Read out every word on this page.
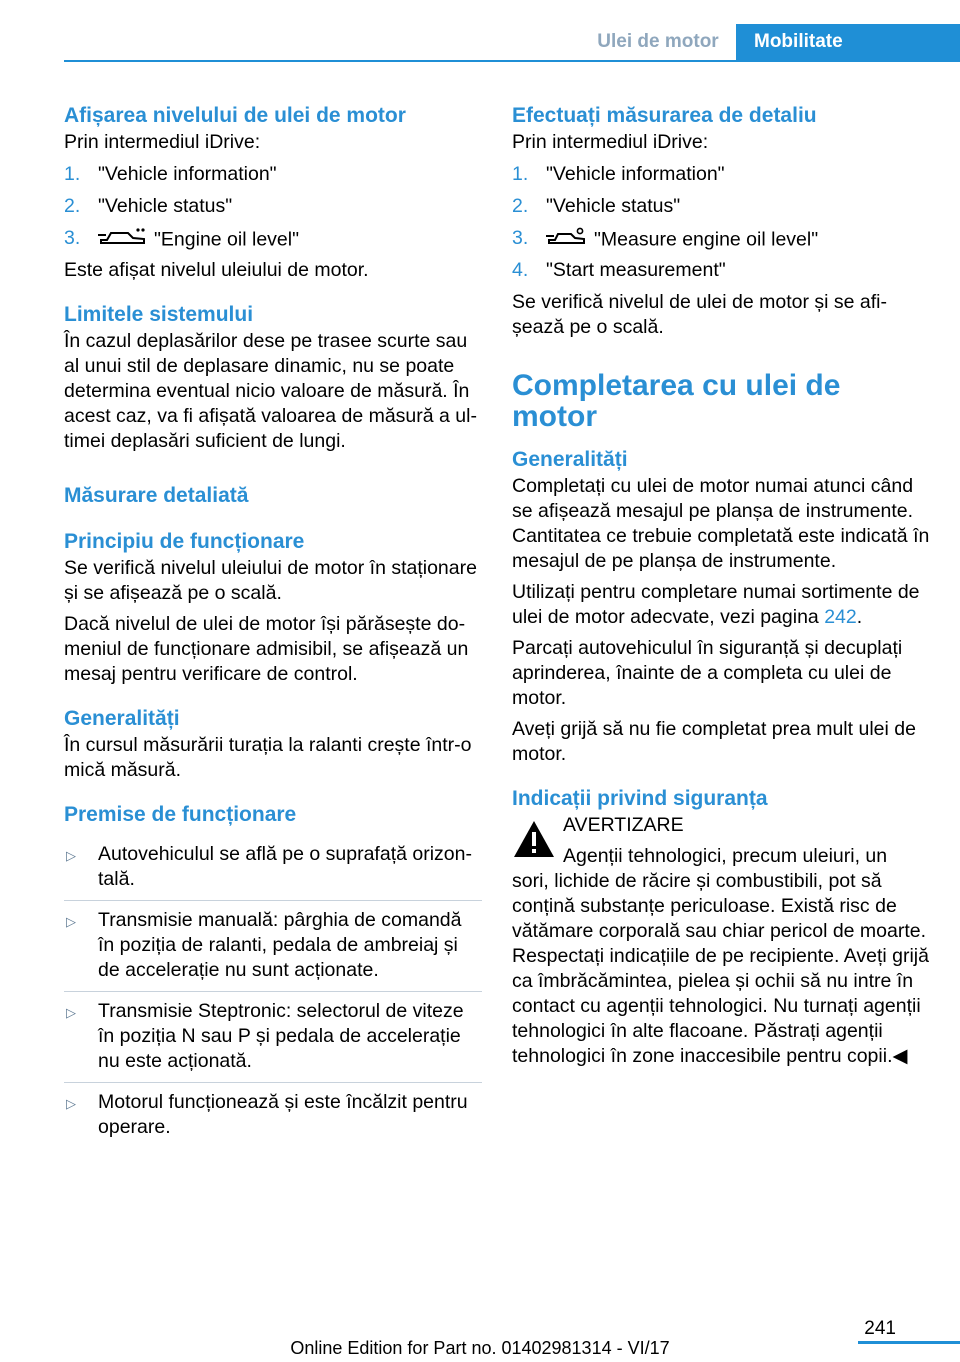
Ulei de motor	Mobilitate
Afișarea nivelului de ulei de motor

Prin intermediul iDrive:

1. "Vehicle information"
2. "Vehicle status"
3.	"Engine oil level"

Este afișat nivelul uleiului de motor.

Limitele sistemului

În cazul deplasărilor dese pe trasee scurte sau al unui stil de deplasare dinamic, nu se poate determina eventual nicio valoare de măsură. În acest caz, va fi afișată valoarea de măsură a ultimei deplasări suficient de lungi.

Măsurare detaliată
Principiu de funcționare

Se verifică nivelul uleiului de motor în staționare și se afișează pe o scală.

Dacă nivelul de ulei de motor își părăsește domeniul de funcționare admisibil, se afișează un mesaj pentru verificare de control.

Generalități

În cursul măsurării turația la ralanti crește într-o mică măsură.

Premise de funcționare
▷ Autovehiculul se află pe o suprafață orizontală.
▷ Transmisie manuală: pârghia de comandă în poziția de ralanti, pedala de ambreiaj și de accelerație nu sunt acționate.
▷ Transmisie Steptronic: selectorul de viteze în poziția N sau P și pedala de accelerație nu este acționată.
▷ Motorul funcționează și este încălzit pentru operare.
Efectuați măsurarea de detaliu

Prin intermediul iDrive:

1. "Vehicle information"
2. "Vehicle status"
3.	"Measure engine oil level"
4. "Start measurement"

Se verifică nivelul de ulei de motor și se afișează pe o scală.

Completarea cu ulei de motor
Generalități

Completați cu ulei de motor numai atunci când se afișează mesajul pe planșa de instrumente. Cantitatea ce trebuie completată este indicată în mesajul de pe planșa de instrumente.

Utilizați pentru completare numai sortimente de ulei de motor adecvate, vezi pagina 242.

Parcați autovehiculul în siguranță și decuplați aprinderea, înainte de a completa cu ulei de motor.

Aveți grijă să nu fie completat prea mult ulei de motor.

Indicații privind siguranța

AVERTIZARE

Agenții tehnologici, precum uleiuri, un

sori, lichide de răcire și combustibili, pot să conțină substanțe periculoase. Există risc de vătămare corporală sau chiar pericol de moarte. Respectați indicațiile de pe recipiente. Aveți grijă ca îmbrăcămintea, pielea și ochii să nu intre în contact cu agenții tehnologici. Nu turnați agenții tehnologici în alte flacoane. Păstrați agenții tehnologici în zone inaccesibile pentru copii.◀

241
Online Edition for Part no. 01402981314 - VI/17
